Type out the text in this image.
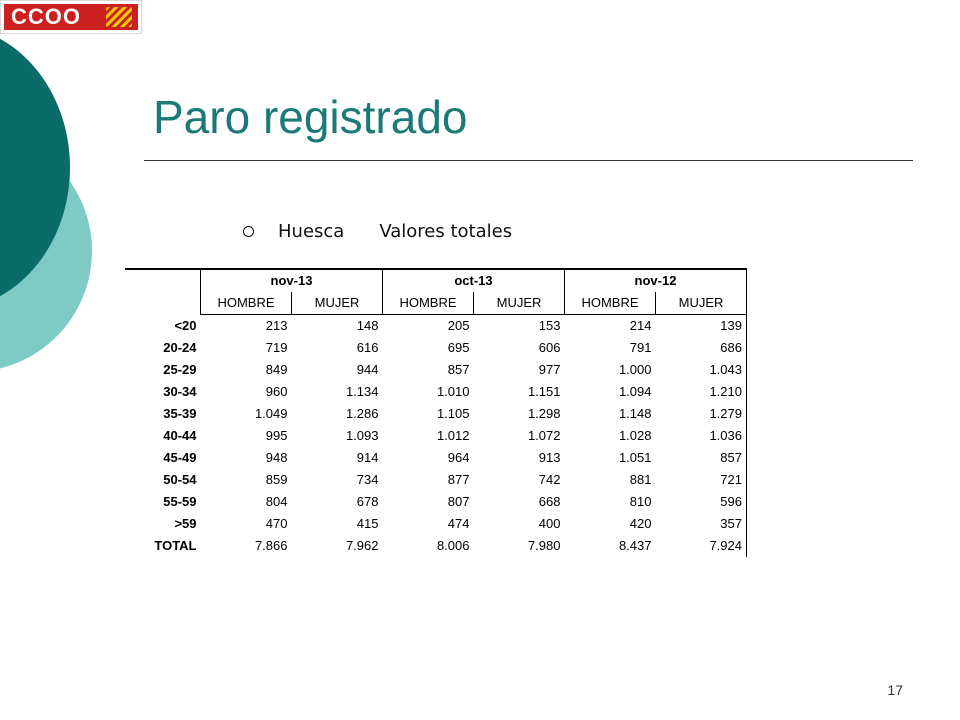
CCOO
Paro registrado
Huesca Valores totales
	nov-13		oct-13		nov-12	
	HOMBRE	MUJER	HOMBRE	MUJER	HOMBRE	MUJER
<20	213	148	205	153	214	139
20-24	719	616	695	606	791	686
25-29	849	944	857	977	1.000	1.043
30-34	960	1.134	1.010	1.151	1.094	1.210
35-39	1.049	1.286	1.105	1.298	1.148	1.279
40-44	995	1.093	1.012	1.072	1.028	1.036
45-49	948	914	964	913	1.051	857
50-54	859	734	877	742	881	721
55-59	804	678	807	668	810	596
>59	470	415	474	400	420	357
TOTAL	7.866	7.962	8.006	7.980	8.437	7.924
17
